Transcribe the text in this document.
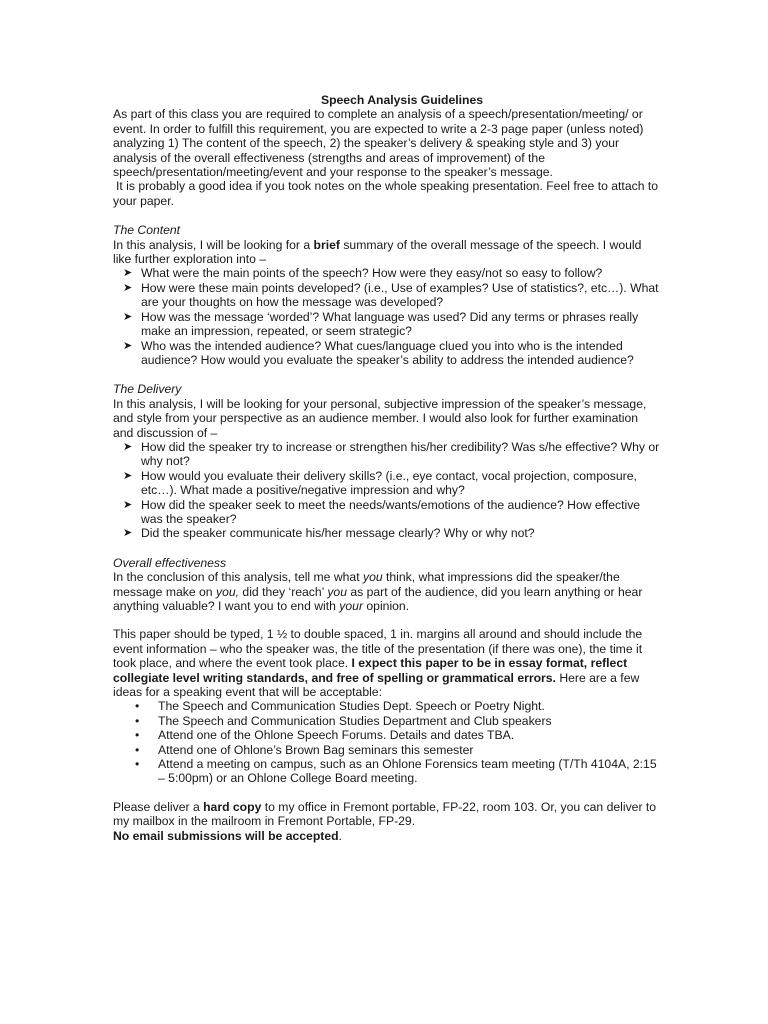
Speech Analysis Guidelines

As part of this class you are required to complete an analysis of a speech/presentation/meeting/ or event. In order to fulfill this requirement, you are expected to write a 2-3 page paper (unless noted) analyzing 1) The content of the speech, 2) the speaker’s delivery & speaking style and 3) your analysis of the overall effectiveness (strengths and areas of improvement) of the speech/presentation/meeting/event and your response to the speaker’s message.

It is probably a good idea if you took notes on the whole speaking presentation. Feel free to attach to your paper.

The Content

In this analysis, I will be looking for a brief summary of the overall message of the speech. I would like further exploration into –

➤ What were the main points of the speech? How were they easy/not so easy to follow?
➤ How were these main points developed? (i.e., Use of examples? Use of statistics?, etc…). What are your thoughts on how the message was developed?
➤ How was the message ‘worded’? What language was used? Did any terms or phrases really make an impression, repeated, or seem strategic?
➤ Who was the intended audience? What cues/language clued you into who is the intended audience? How would you evaluate the speaker’s ability to address the intended audience?

The Delivery

In this analysis, I will be looking for your personal, subjective impression of the speaker’s message, and style from your perspective as an audience member. I would also look for further examination and discussion of –

➤ How did the speaker try to increase or strengthen his/her credibility? Was s/he effective? Why or why not?
➤ How would you evaluate their delivery skills? (i.e., eye contact, vocal projection, composure, etc…). What made a positive/negative impression and why?
➤ How did the speaker seek to meet the needs/wants/emotions of the audience? How effective was the speaker?
➤ Did the speaker communicate his/her message clearly? Why or why not?

Overall effectiveness

In the conclusion of this analysis, tell me what you think, what impressions did the speaker/the message make on you, did they ‘reach’ you as part of the audience, did you learn anything or hear anything valuable? I want you to end with your opinion.

This paper should be typed, 1 ½ to double spaced, 1 in. margins all around and should include the event information – who the speaker was, the title of the presentation (if there was one), the time it took place, and where the event took place. I expect this paper to be in essay format, reflect collegiate level writing standards, and free of spelling or grammatical errors. Here are a few ideas for a speaking event that will be acceptable:

• The Speech and Communication Studies Dept. Speech or Poetry Night.
• The Speech and Communication Studies Department and Club speakers
• Attend one of the Ohlone Speech Forums. Details and dates TBA.
• Attend one of Ohlone’s Brown Bag seminars this semester
• Attend a meeting on campus, such as an Ohlone Forensics team meeting (T/Th 4104A, 2:15 – 5:00pm) or an Ohlone College Board meeting.

Please deliver a hard copy to my office in Fremont portable, FP-22, room 103. Or, you can deliver to my mailbox in the mailroom in Fremont Portable, FP-29.

No email submissions will be accepted.
